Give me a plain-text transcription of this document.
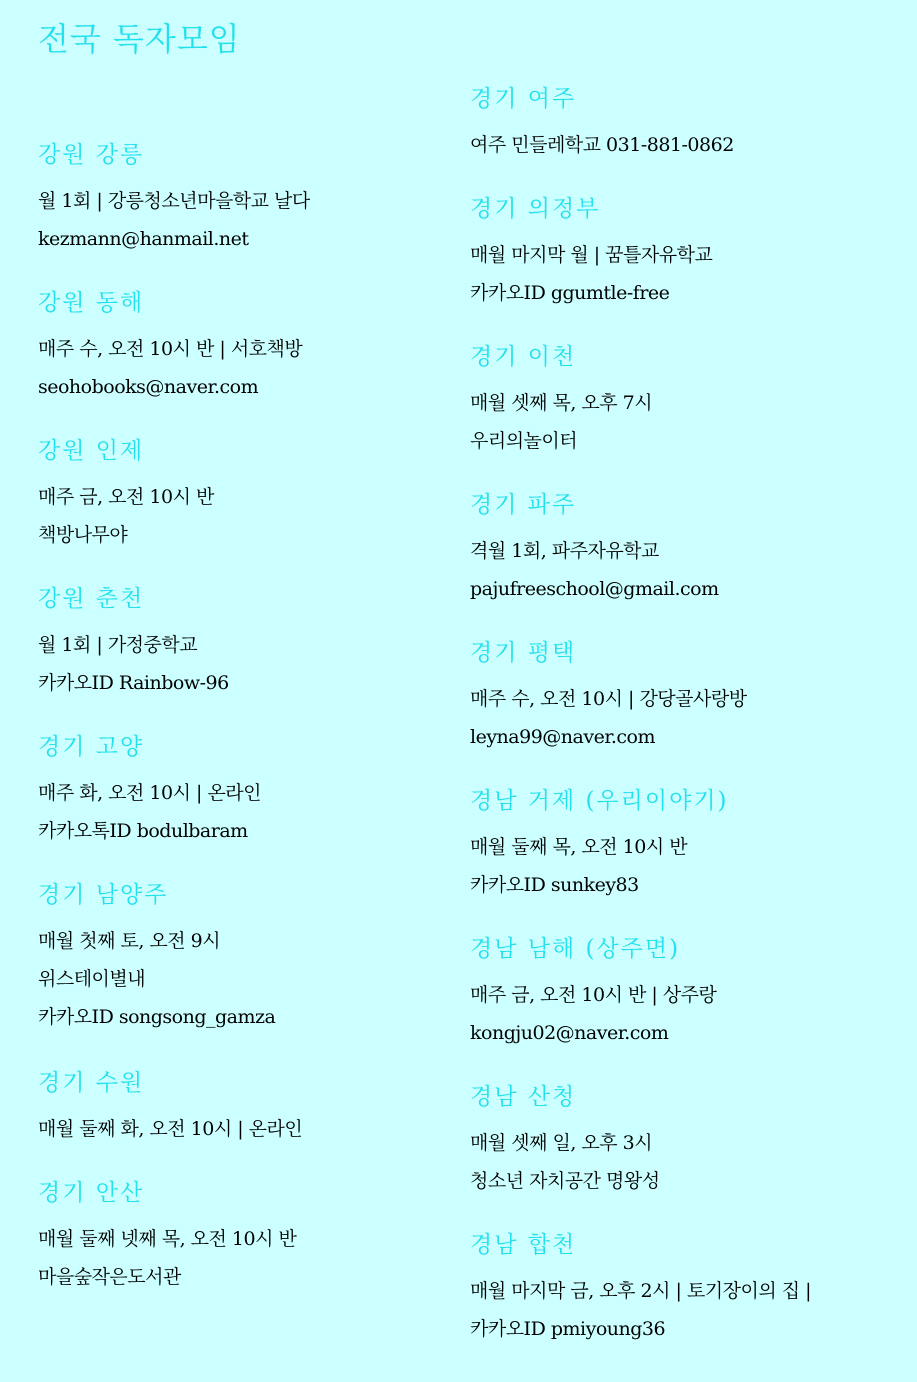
전국 독자모임
강원 강릉

월 1회 | 강릉청소년마을학교 날다

kezmann@hanmail.net

강원 동해

매주 수, 오전 10시 반 | 서호책방

seohobooks@naver.com

강원 인제

매주 금, 오전 10시 반

책방나무야

강원 춘천

월 1회 | 가정중학교

카카오ID Rainbow-96

경기 고양

매주 화, 오전 10시 | 온라인

카카오톡ID bodulbaram

경기 남양주

매월 첫째 토, 오전 9시

위스테이별내

카카오ID songsong_gamza

경기 수원

매월 둘째 화, 오전 10시 | 온라인

경기 안산

매월 둘째 넷째 목, 오전 10시 반

마을숲작은도서관

경기 여주

여주 민들레학교 031-881-0862

경기 의정부

매월 마지막 월 | 꿈틀자유학교

카카오ID ggumtle-free

경기 이천

매월 셋째 목, 오후 7시

우리의놀이터

경기 파주

격월 1회, 파주자유학교

pajufreeschool@gmail.com

경기 평택

매주 수, 오전 10시 | 강당골사랑방

leyna99@naver.com

경남 거제 (우리이야기)

매월 둘째 목, 오전 10시 반

카카오ID sunkey83

경남 남해 (상주면)

매주 금, 오전 10시 반 | 상주랑

kongju02@naver.com

경남 산청

매월 셋째 일, 오후 3시

청소년 자치공간 명왕성

경남 합천

매월 마지막 금, 오후 2시 | 토기장이의 집 |

카카오ID pmiyoung36
